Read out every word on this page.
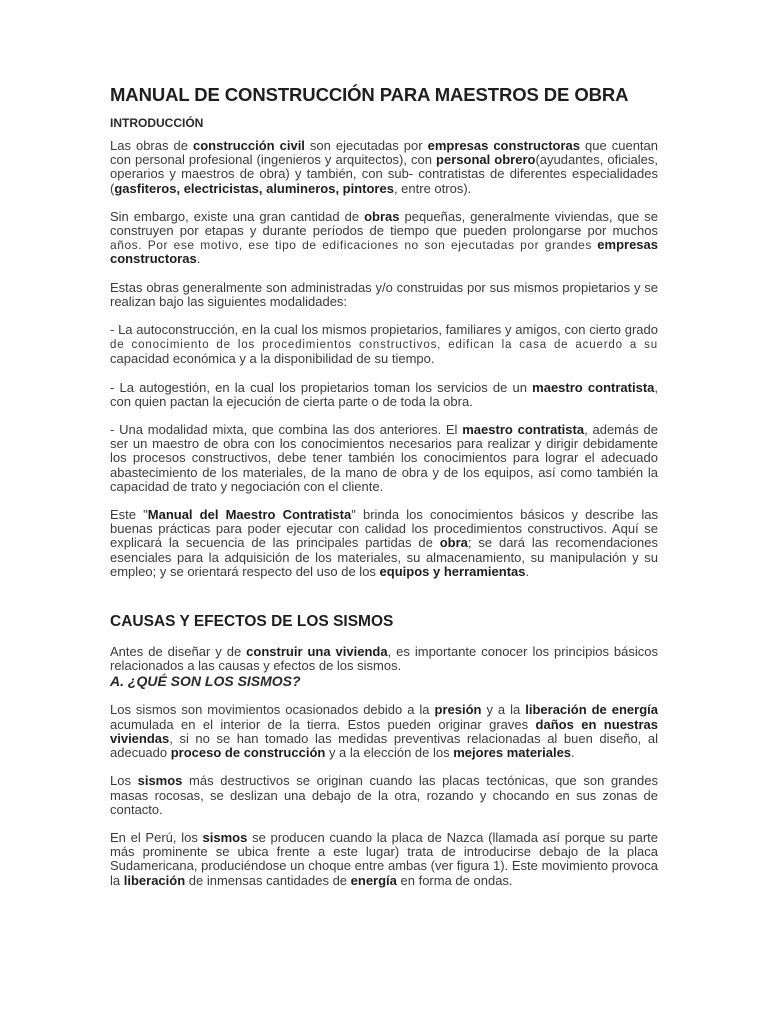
MANUAL DE CONSTRUCCIÓN PARA MAESTROS DE OBRA
INTRODUCCIÓN

Las obras de construcción civil son ejecutadas por empresas constructoras que cuentan con personal profesional (ingenieros y arquitectos), con personal obrero(ayudantes, oficiales, operarios y maestros de obra) y también, con sub- contratistas de diferentes especialidades (gasfiteros, electricistas, alumineros, pintores, entre otros).

Sin embargo, existe una gran cantidad de obras pequeñas, generalmente viviendas, que se construyen por etapas y durante períodos de tiempo que pueden prolongarse por muchos años. Por ese motivo, ese tipo de edificaciones no son ejecutadas por grandes empresas constructoras.

Estas obras generalmente son administradas y/o construidas por sus mismos propietarios y se realizan bajo las siguientes modalidades:

- La autoconstrucción, en la cual los mismos propietarios, familiares y amigos, con cierto grado de conocimiento de los procedimientos constructivos, edifican la casa de acuerdo a su capacidad económica y a la disponibilidad de su tiempo.

- La autogestión, en la cual los propietarios toman los servicios de un maestro contratista, con quien pactan la ejecución de cierta parte o de toda la obra.

- Una modalidad mixta, que combina las dos anteriores. El maestro contratista, además de ser un maestro de obra con los conocimientos necesarios para realizar y dirigir debidamente los procesos constructivos, debe tener también los conocimientos para lograr el adecuado abastecimiento de los materiales, de la mano de obra y de los equipos, así como también la capacidad de trato y negociación con el cliente.

Este "Manual del Maestro Contratista" brinda los conocimientos básicos y describe las buenas prácticas para poder ejecutar con calidad los procedimientos constructivos. Aquí se explicará la secuencia de las principales partidas de obra; se dará las recomendaciones esenciales para la adquisición de los materiales, su almacenamiento, su manipulación y su empleo; y se orientará respecto del uso de los equipos y herramientas.

CAUSAS Y EFECTOS DE LOS SISMOS

Antes de diseñar y de construir una vivienda, es importante conocer los principios básicos relacionados a las causas y efectos de los sismos.

A. ¿QUÉ SON LOS SISMOS?

Los sismos son movimientos ocasionados debido a la presión y a la liberación de energía acumulada en el interior de la tierra. Estos pueden originar graves daños en nuestras viviendas, si no se han tomado las medidas preventivas relacionadas al buen diseño, al adecuado proceso de construcción y a la elección de los mejores materiales.

Los sismos más destructivos se originan cuando las placas tectónicas, que son grandes masas rocosas, se deslizan una debajo de la otra, rozando y chocando en sus zonas de contacto.

En el Perú, los sismos se producen cuando la placa de Nazca (llamada así porque su parte más prominente se ubica frente a este lugar) trata de introducirse debajo de la placa Sudamericana, produciéndose un choque entre ambas (ver figura 1). Este movimiento provoca la liberación de inmensas cantidades de energía en forma de ondas.
